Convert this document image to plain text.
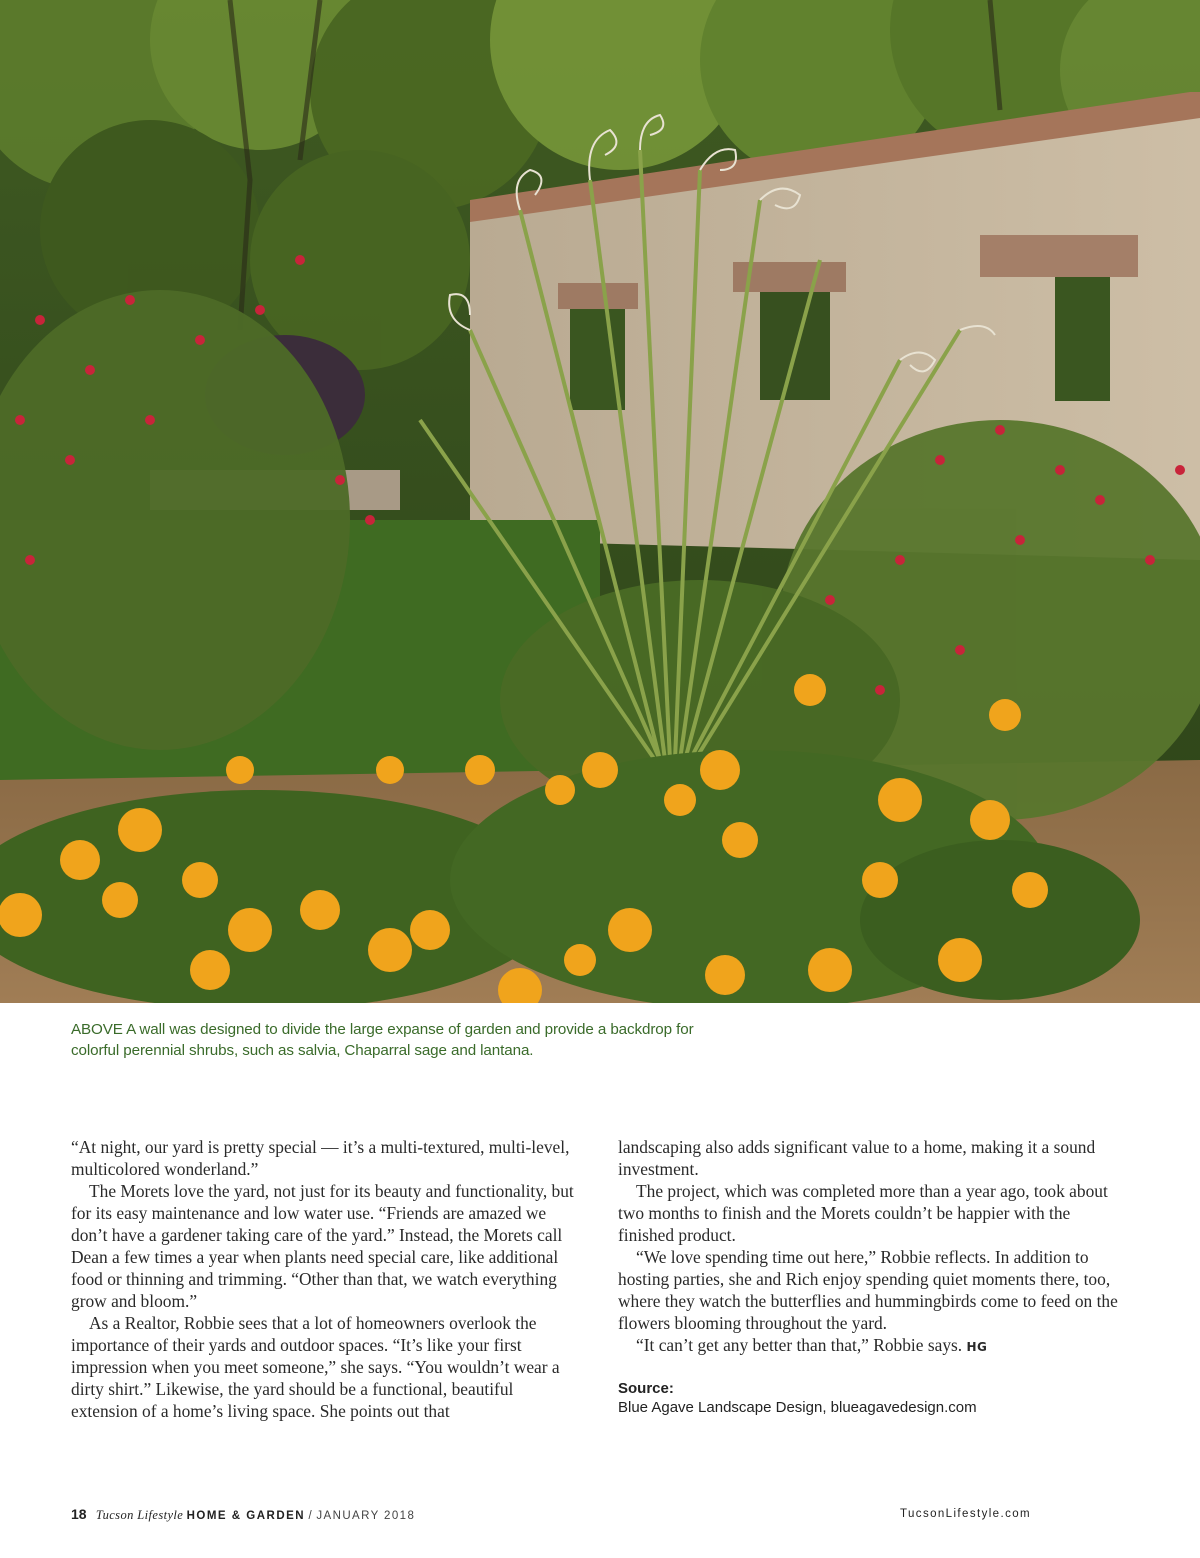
ABOVE A wall was designed to divide the large expanse of garden and provide a backdrop for colorful perennial shrubs, such as salvia, Chaparral sage and lantana.

“At night, our yard is pretty special — it’s a multi-textured, multi-level, multicolored wonderland.”

The Morets love the yard, not just for its beauty and functionality, but for its easy maintenance and low water use. “Friends are amazed we don’t have a gardener taking care of the yard.” Instead, the Morets call Dean a few times a year when plants need special care, like additional food or thinning and trimming. “Other than that, we watch everything grow and bloom.”

As a Realtor, Robbie sees that a lot of homeowners overlook the importance of their yards and outdoor spaces. “It’s like your first impression when you meet someone,” she says. “You wouldn’t wear a dirty shirt.” Likewise, the yard should be a functional, beautiful extension of a home’s living space. She points out that

landscaping also adds significant value to a home, making it a sound investment.

The project, which was completed more than a year ago, took about two months to finish and the Morets couldn’t be happier with the finished product.

“We love spending time out here,” Robbie reflects. In addition to hosting parties, she and Rich enjoy spending quiet moments there, too, where they watch the butterflies and hummingbirds come to feed on the flowers blooming throughout the yard.

“It can’t get any better than that,” Robbie says. HG

Source:
Blue Agave Landscape Design, blueagavedesign.com
18 Tucson Lifestyle HOME & GARDEN / JANUARY 2018	TucsonLifestyle.com
